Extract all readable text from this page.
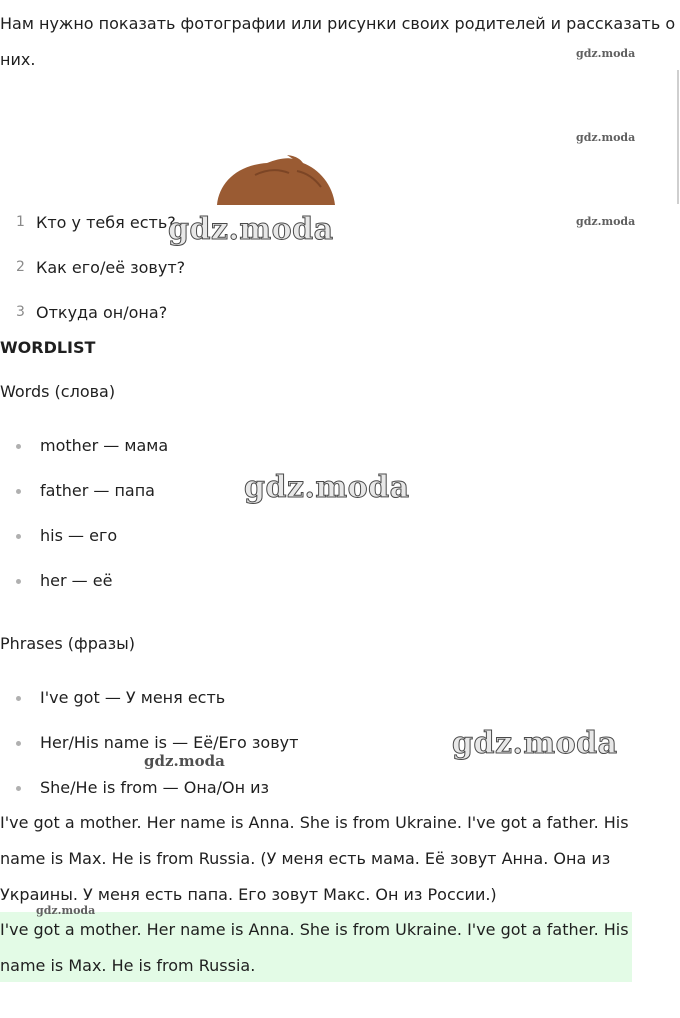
Нам нужно показать фотографии или рисунки своих родителей и рассказать о них.

1 Кто у тебя есть?
2 Как его/её зовут?
3 Откуда он/она?
WORDLIST

Words (слова)

mother — мама
father — папа
his — его
her — её

Phrases (фразы)

I've got — У меня есть
Her/His name is — Её/Его зовут
She/He is from — Она/Он из

I've got a mother. Her name is Anna. She is from Ukraine. I've got a father. His name is Max. He is from Russia. (У меня есть мама. Её зовут Анна. Она из Украины. У меня есть папа. Его зовут Макс. Он из России.)

I've got a mother. Her name is Anna. She is from Ukraine. I've got a father. His name is Max. He is from Russia.

gdz.moda
gdz.moda
gdz.moda
gdz.moda
gdz.moda
gdz.moda
gdz.moda
gdz.moda
